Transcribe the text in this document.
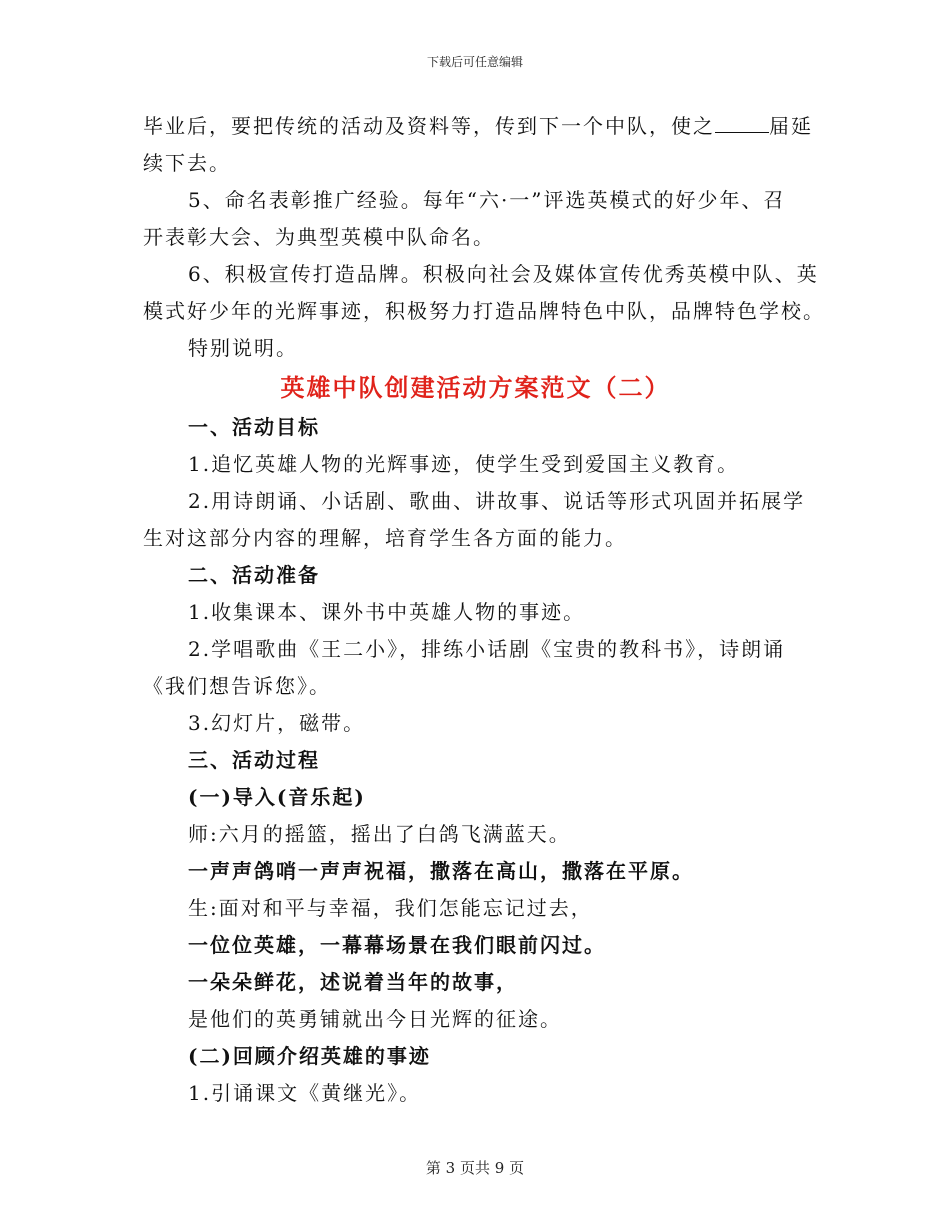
下载后可任意编辑

毕业后，要把传统的活动及资料等，传到下一个中队，使之	届延

续下去。

5、命名表彰推广经验。每年“六·一”评选英模式的好少年、召

开表彰大会、为典型英模中队命名。

6、积极宣传打造品牌。积极向社会及媒体宣传优秀英模中队、英

模式好少年的光辉事迹，积极努力打造品牌特色中队，品牌特色学校。

特别说明。

英雄中队创建活动方案范文（二）

一、活动目标

1.追忆英雄人物的光辉事迹，使学生受到爱国主义教育。

2.用诗朗诵、小话剧、歌曲、讲故事、说话等形式巩固并拓展学

生对这部分内容的理解，培育学生各方面的能力。

二、活动准备

1.收集课本、课外书中英雄人物的事迹。

2.学唱歌曲《王二小》，排练小话剧《宝贵的教科书》，诗朗诵

《我们想告诉您》。

3.幻灯片，磁带。

三、活动过程

(一)导入(音乐起)

师:六月的摇篮，摇出了白鸽飞满蓝天。

一声声鸽哨一声声祝福，撒落在高山，撒落在平原。

生:面对和平与幸福，我们怎能忘记过去，

一位位英雄，一幕幕场景在我们眼前闪过。

一朵朵鲜花，述说着当年的故事，

是他们的英勇铺就出今日光辉的征途。

(二)回顾介绍英雄的事迹

1.引诵课文《黄继光》。

第 3 页共 9 页
